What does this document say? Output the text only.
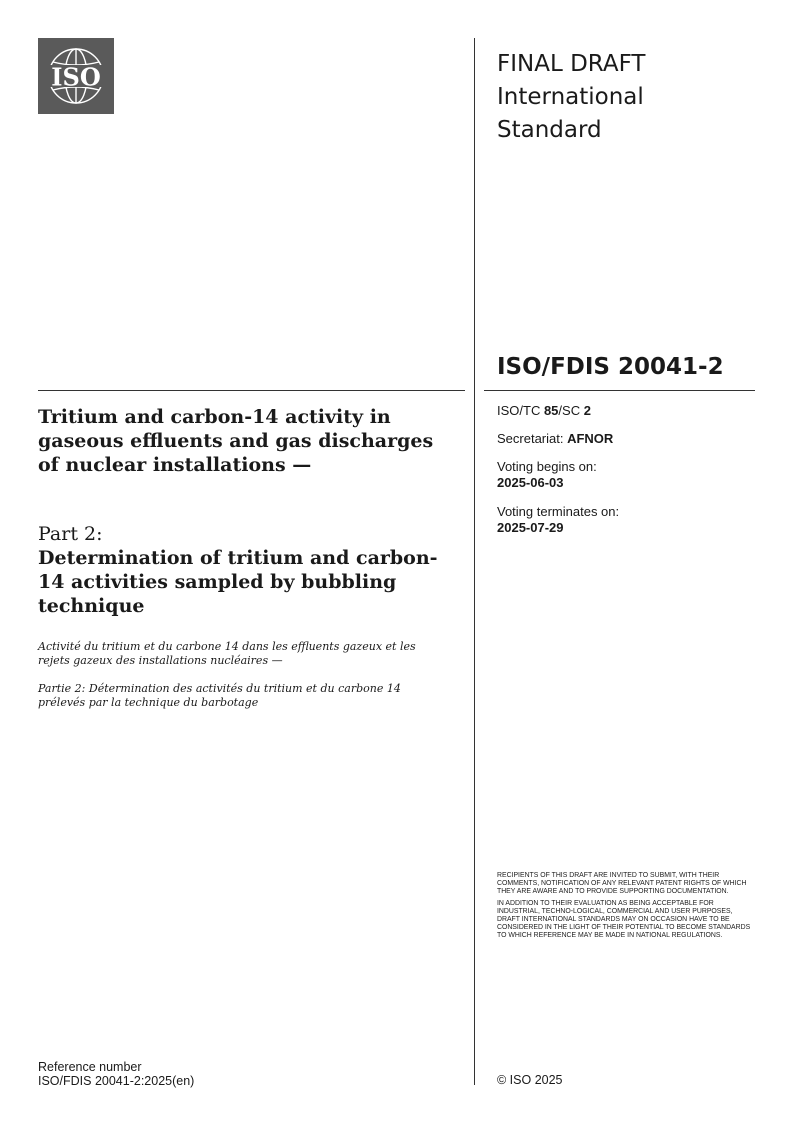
ISO	FINAL DRAFT
International
Standard
ISO/FDIS 20041-2
ISO/TC 85/SC 2
Secretariat: AFNOR
Voting begins on:
2025-06-03
Voting terminates on:
2025-07-29
Tritium and carbon-14 activity in gaseous effluents and gas discharges of nuclear installations —
Part 2:
Determination of tritium and carbon-14 activities sampled by bubbling technique
Activité du tritium et du carbone 14 dans les effluents gazeux et les rejets gazeux des installations nucléaires —
Partie 2: Détermination des activités du tritium et du carbone 14 prélevés par la technique du barbotage

RECIPIENTS OF THIS DRAFT ARE INVITED TO SUBMIT, WITH THEIR COMMENTS, NOTIFICATION OF ANY RELEVANT PATENT RIGHTS OF WHICH THEY ARE AWARE AND TO PROVIDE SUPPORTING DOCUMENTATION.

IN ADDITION TO THEIR EVALUATION AS BEING ACCEPTABLE FOR INDUSTRIAL, TECHNO-LOGICAL, COMMERCIAL AND USER PURPOSES, DRAFT INTERNATIONAL STANDARDS MAY ON OCCASION HAVE TO BE CONSIDERED IN THE LIGHT OF THEIR POTENTIAL TO BECOME STANDARDS TO WHICH REFERENCE MAY BE MADE IN NATIONAL REGULATIONS.

Reference number
ISO/FDIS 20041-2:2025(en)	© ISO 2025
